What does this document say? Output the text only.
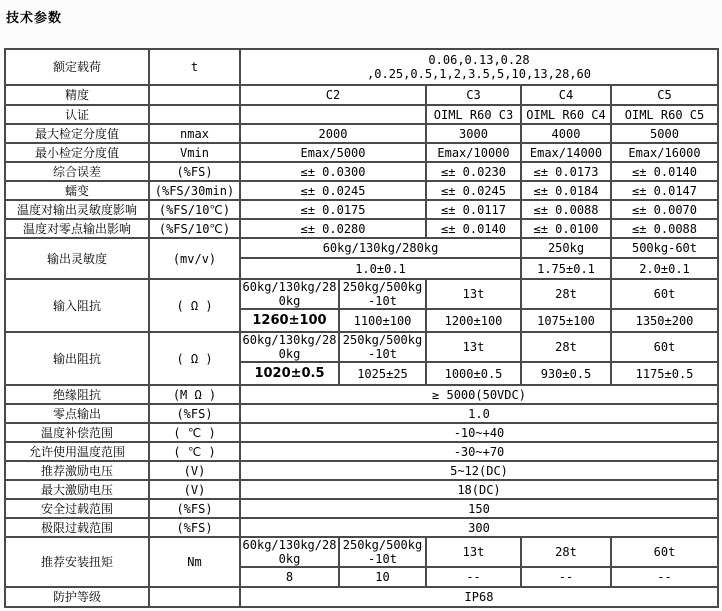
技术参数
额定载荷	t	0.06,0.13,0.28
,0.25,0.5,1,2,3.5,5,10,13,28,60				

精度		C2		C3	C4	C5
认证				OIML R60 C3	OIML R60 C4	OIML R60 C5
最大检定分度值	nmax	2000		3000	4000	5000
最小检定分度值	Vmin	Emax/5000		Emax/10000	Emax/14000	Emax/16000
综合误差	(%FS)	≤± 0.0300		≤± 0.0230	≤± 0.0173	≤± 0.0140
蠕变	(%FS/30min)	≤± 0.0245		≤± 0.0245	≤± 0.0184	≤± 0.0147
温度对输出灵敏度影响	(%FS/10℃)	≤± 0.0175		≤± 0.0117	≤± 0.0088	≤± 0.0070
温度对零点输出影响	(%FS/10℃)	≤± 0.0280		≤± 0.0140	≤± 0.0100	≤± 0.0088
输出灵敏度	(mv/v)	60kg/130kg/280kg			250kg	500kg-60t
		1.0±0.1			1.75±0.1	2.0±0.1
输入阻抗	( Ω )	60kg/130kg/280kg	250kg/500kg-10t	13t	28t	60t
		1260±100	1100±100	1200±100	1075±100	1350±200
输出阻抗	( Ω )	60kg/130kg/280kg	250kg/500kg-10t	13t	28t	60t
		1020±0.5	1025±25	1000±0.5	930±0.5	1175±0.5
绝缘阻抗	(M Ω )	≥ 5000(50VDC)				
零点输出	(%FS)	1.0				
温度补偿范围	( ℃ )	-10~+40				
允许使用温度范围	( ℃ )	-30~+70				
推荐激励电压	(V)	5~12(DC)				
最大激励电压	(V)	18(DC)				
安全过载范围	(%FS)	150				
极限过载范围	(%FS)	300				
推荐安装扭矩	Nm	60kg/130kg/280kg	250kg/500kg-10t	13t	28t	60t
		8	10	--	--	--
防护等级		IP68				
